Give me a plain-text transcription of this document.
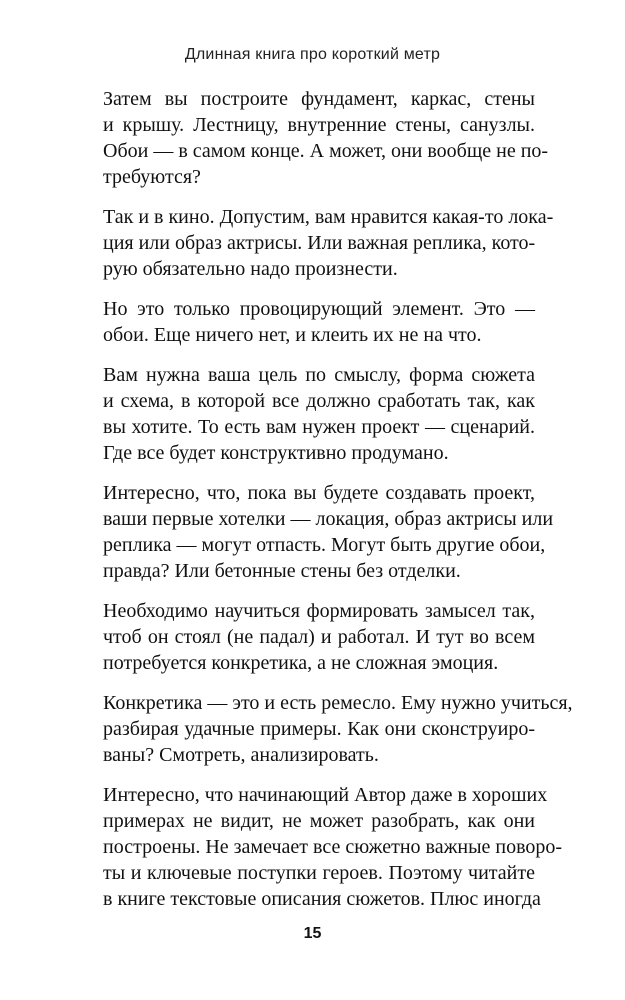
Длинная книга про короткий метр
Затем вы построите фундамент, каркас, стены
и крышу. Лестницу, внутренние стены, санузлы.
Обои — в самом конце. А может, они вообще не по-
требуются?
Так и в кино. Допустим, вам нравится какая-то лока-
ция или образ актрисы. Или важная реплика, кото-
рую обязательно надо произнести.
Но это только провоцирующий элемент. Это —
обои. Еще ничего нет, и клеить их не на что.
Вам нужна ваша цель по смыслу, форма сюжета
и схема, в которой все должно сработать так, как
вы хотите. То есть вам нужен проект — сценарий.
Где все будет конструктивно продумано.
Интересно, что, пока вы будете создавать проект,
ваши первые хотелки — локация, образ актрисы или
реплика — могут отпасть. Могут быть другие обои,
правда? Или бетонные стены без отделки.
Необходимо научиться формировать замысел так,
чтоб он стоял (не падал) и работал. И тут во всем
потребуется конкретика, а не сложная эмоция.
Конкретика — это и есть ремесло. Ему нужно учиться,
разбирая удачные примеры. Как они сконструиро-
ваны? Смотреть, анализировать.
Интересно, что начинающий Автор даже в хороших
примерах не видит, не может разобрать, как они
построены. Не замечает все сюжетно важные поворо-
ты и ключевые поступки героев. Поэтому читайте
в книге текстовые описания сюжетов. Плюс иногда
15
